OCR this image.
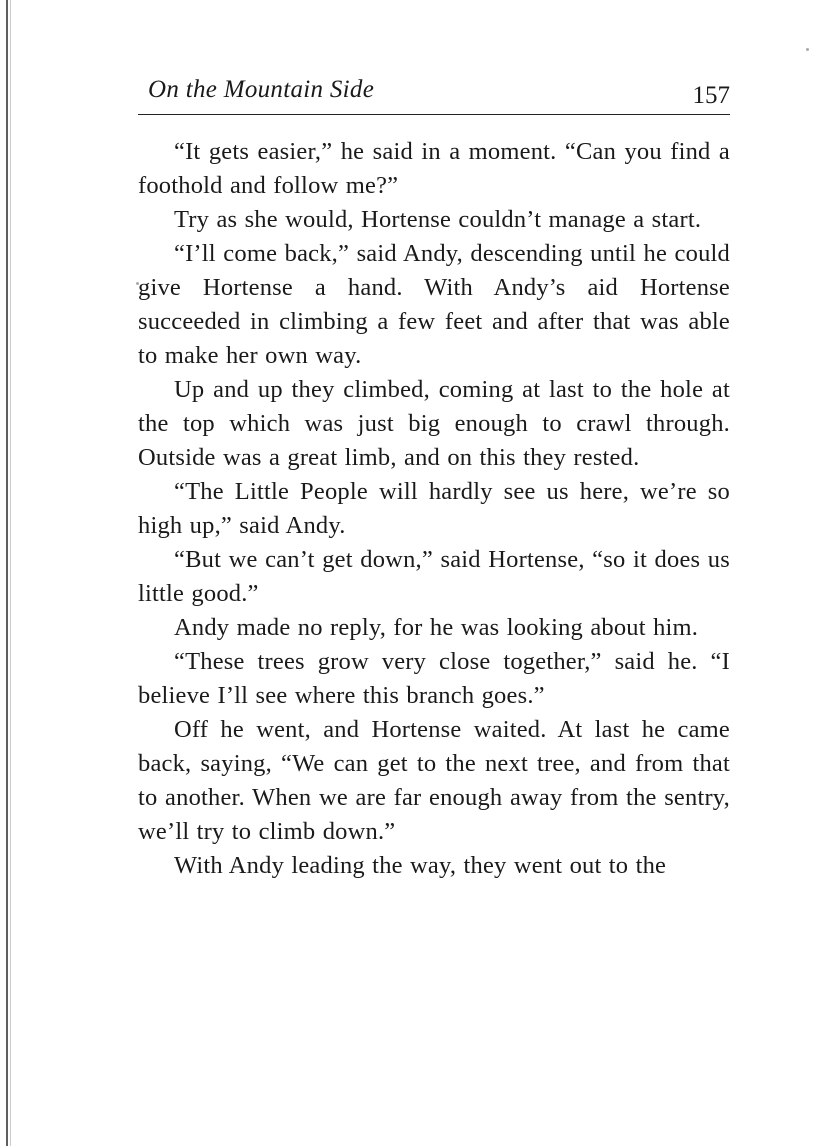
On the Mountain Side	157

“It gets easier,” he said in a moment. “Can you find a foothold and follow me?”

Try as she would, Hortense couldn’t manage a start.

“I’ll come back,” said Andy, descending until he could give Hortense a hand. With Andy’s aid Hortense succeeded in climbing a few feet and after that was able to make her own way.

Up and up they climbed, coming at last to the hole at the top which was just big enough to crawl through. Outside was a great limb, and on this they rested.

“The Little People will hardly see us here, we’re so high up,” said Andy.

“But we can’t get down,” said Hortense, “so it does us little good.”

Andy made no reply, for he was looking about him.

“These trees grow very close together,” said he. “I believe I’ll see where this branch goes.”

Off he went, and Hortense waited. At last he came back, saying, “We can get to the next tree, and from that to another. When we are far enough away from the sentry, we’ll try to climb down.”

With Andy leading the way, they went out to the
